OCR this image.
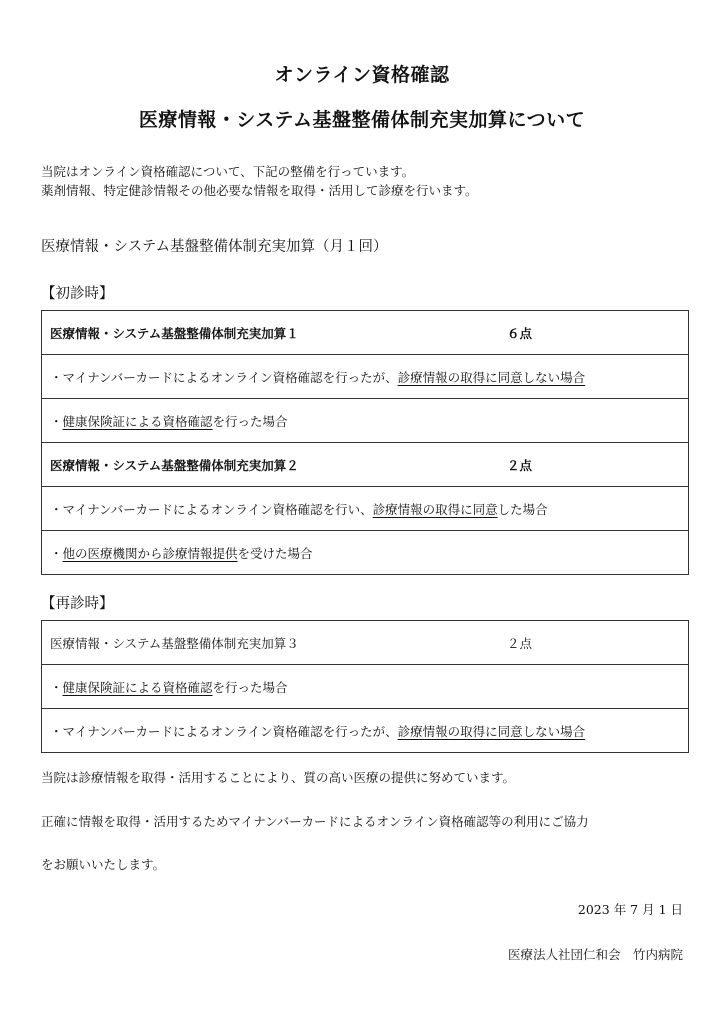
オンライン資格確認
医療情報・システム基盤整備体制充実加算について
当院はオンライン資格確認について、下記の整備を行っています。
薬剤情報、特定健診情報その他必要な情報を取得・活用して診療を行います。
医療情報・システム基盤整備体制充実加算（月１回）
【初診時】
医療情報・システム基盤整備体制充実加算１	６点

・マイナンバーカードによるオンライン資格確認を行ったが、診療情報の取得に同意しない場合
・健康保険証による資格確認を行った場合

医療情報・システム基盤整備体制充実加算２	２点

・マイナンバーカードによるオンライン資格確認を行い、診療情報の取得に同意した場合
・他の医療機関から診療情報提供を受けた場合
【再診時】
医療情報・システム基盤整備体制充実加算３	２点

・健康保険証による資格確認を行った場合
・マイナンバーカードによるオンライン資格確認を行ったが、診療情報の取得に同意しない場合
当院は診療情報を取得・活用することにより、質の高い医療の提供に努めています。
正確に情報を取得・活用するためマイナンバーカードによるオンライン資格確認等の利用にご協力
をお願いいたします。
2023 年 7 月 1 日
医療法人社団仁和会　竹内病院
